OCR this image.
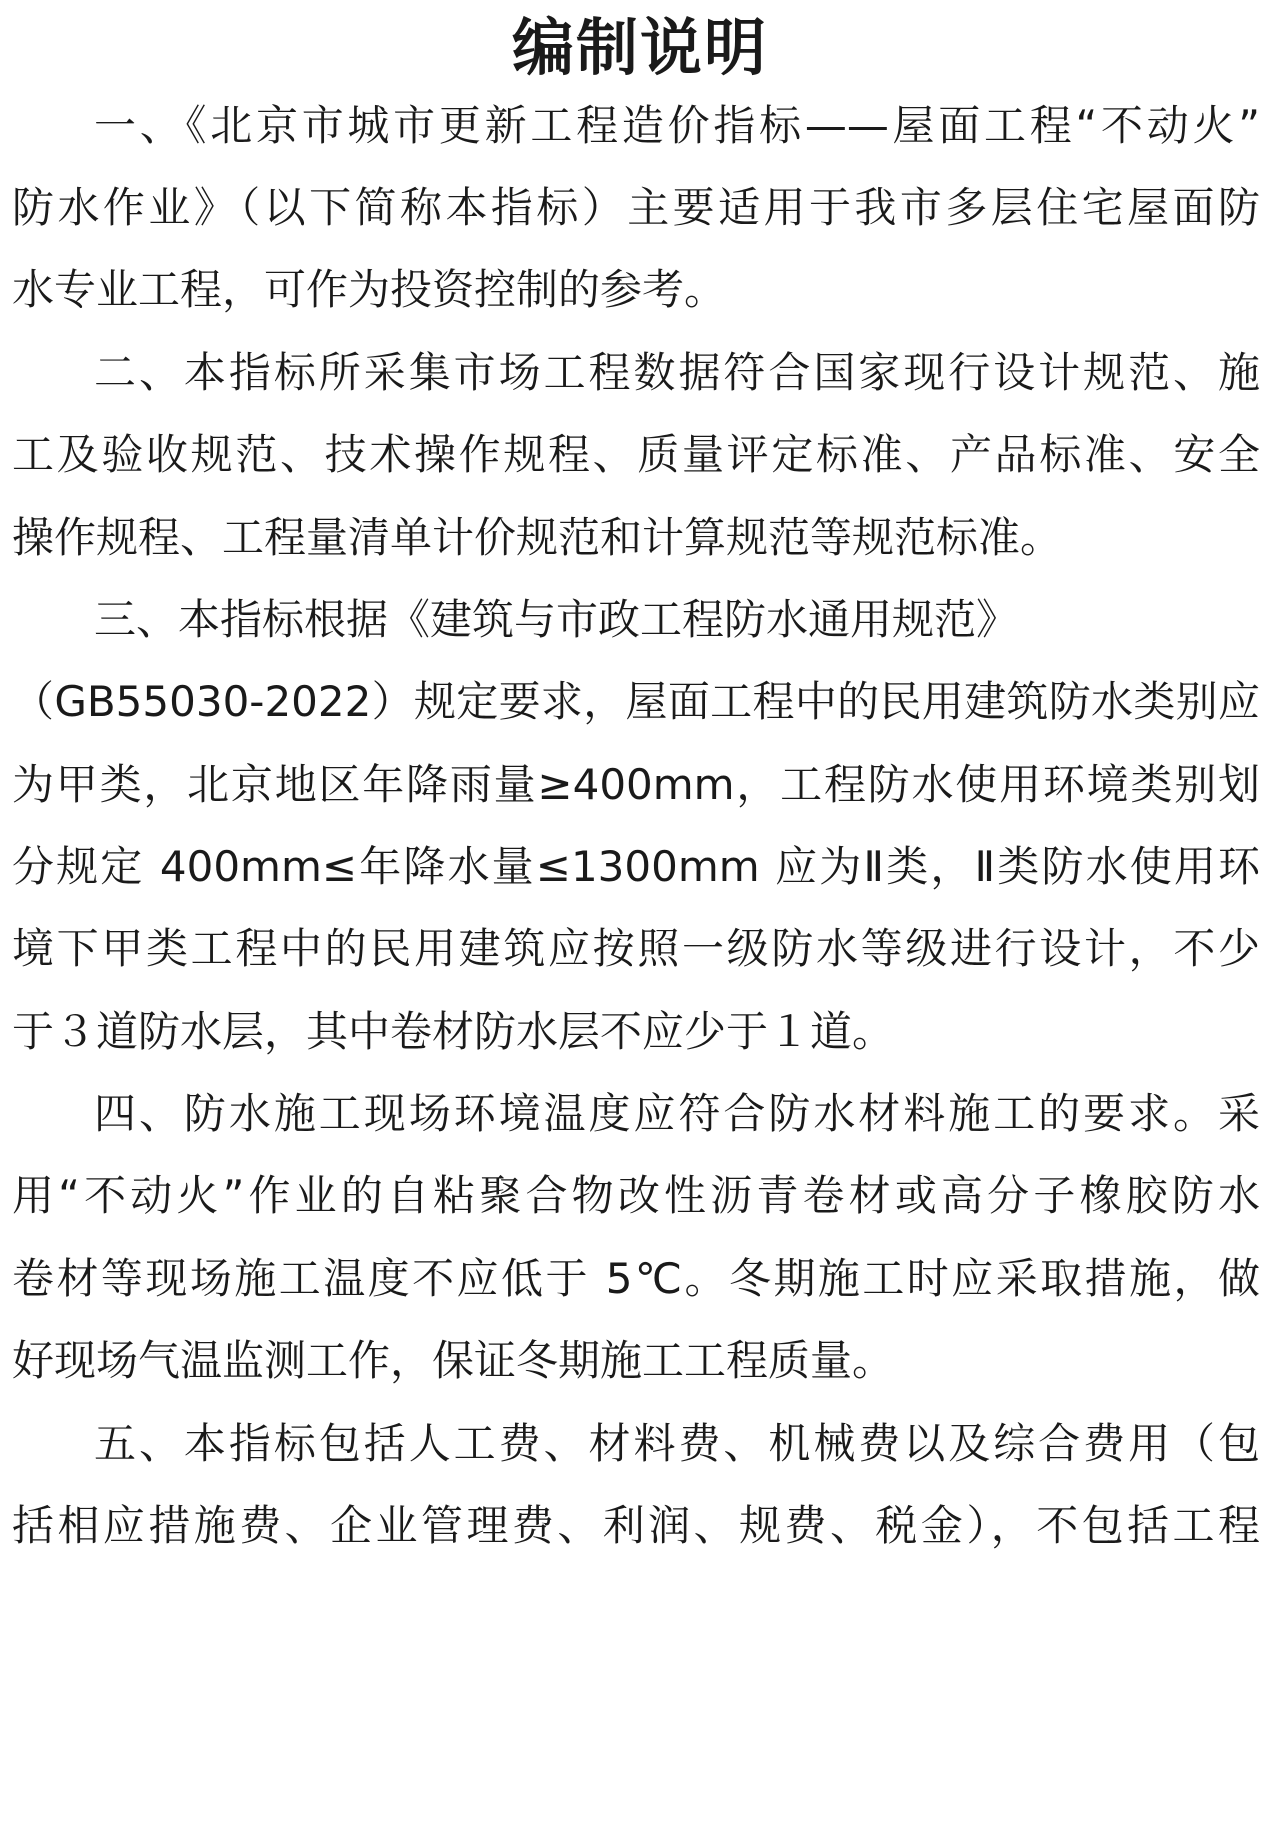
编制说明
一、《北京市城市更新工程造价指标——屋面工程“不动火”
防水作业》（以下简称本指标）主要适用于我市多层住宅屋面防
水专业工程，可作为投资控制的参考。
二、本指标所采集市场工程数据符合国家现行设计规范、施
工及验收规范、技术操作规程、质量评定标准、产品标准、安全
操作规程、工程量清单计价规范和计算规范等规范标准。
三、本指标根据《建筑与市政工程防水通用规范》
（GB55030-2022）规定要求，屋面工程中的民用建筑防水类别应
为甲类，北京地区年降雨量≥400mm，工程防水使用环境类别划
分规定 400mm≤年降水量≤1300mm 应为Ⅱ类，Ⅱ类防水使用环
境下甲类工程中的民用建筑应按照一级防水等级进行设计，不少
于３道防水层，其中卷材防水层不应少于１道。
四、防水施工现场环境温度应符合防水材料施工的要求。采
用“不动火”作业的自粘聚合物改性沥青卷材或高分子橡胶防水
卷材等现场施工温度不应低于 5℃。冬期施工时应采取措施，做
好现场气温监测工作，保证冬期施工工程质量。
五、本指标包括人工费、材料费、机械费以及综合费用（包
括相应措施费、企业管理费、利润、规费、税金），不包括工程
